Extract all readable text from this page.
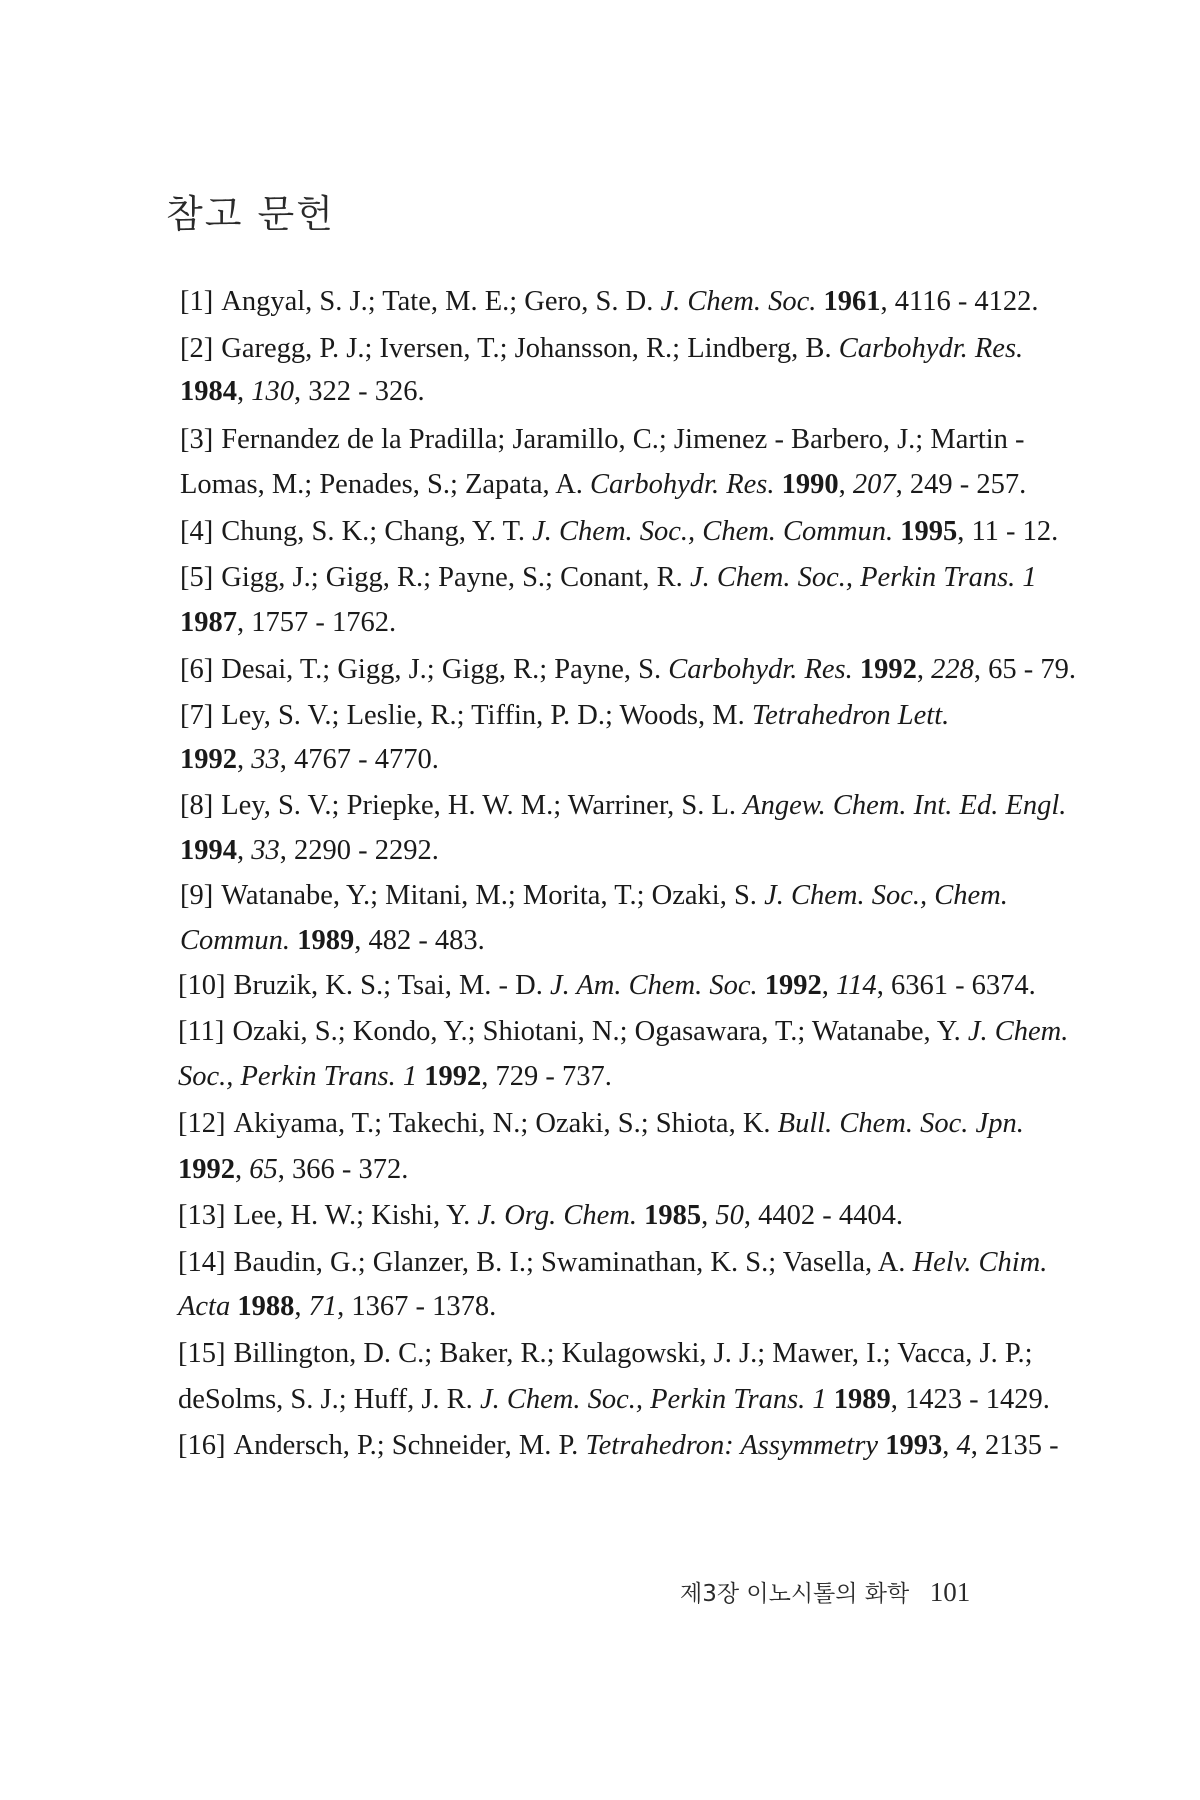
참고 문헌
[1] Angyal, S. J.; Tate, M. E.; Gero, S. D. J. Chem. Soc. 1961, 4116 - 4122.
[2] Garegg, P. J.; Iversen, T.; Johansson, R.; Lindberg, B. Carbohydr. Res.
1984, 130, 322 - 326.
[3] Fernandez de la Pradilla; Jaramillo, C.; Jimenez - Barbero, J.; Martin -
Lomas, M.; Penades, S.; Zapata, A. Carbohydr. Res. 1990, 207, 249 - 257.
[4] Chung, S. K.; Chang, Y. T. J. Chem. Soc., Chem. Commun. 1995, 11 - 12.
[5] Gigg, J.; Gigg, R.; Payne, S.; Conant, R. J. Chem. Soc., Perkin Trans. 1
1987, 1757 - 1762.
[6] Desai, T.; Gigg, J.; Gigg, R.; Payne, S. Carbohydr. Res. 1992, 228, 65 - 79.
[7] Ley, S. V.; Leslie, R.; Tiffin, P. D.; Woods, M. Tetrahedron Lett.
1992, 33, 4767 - 4770.
[8] Ley, S. V.; Priepke, H. W. M.; Warriner, S. L. Angew. Chem. Int. Ed. Engl.
1994, 33, 2290 - 2292.
[9] Watanabe, Y.; Mitani, M.; Morita, T.; Ozaki, S. J. Chem. Soc., Chem.
Commun. 1989, 482 - 483.
[10] Bruzik, K. S.; Tsai, M. - D. J. Am. Chem. Soc. 1992, 114, 6361 - 6374.
[11] Ozaki, S.; Kondo, Y.; Shiotani, N.; Ogasawara, T.; Watanabe, Y. J. Chem.
Soc., Perkin Trans. 1 1992, 729 - 737.
[12] Akiyama, T.; Takechi, N.; Ozaki, S.; Shiota, K. Bull. Chem. Soc. Jpn.
1992, 65, 366 - 372.
[13] Lee, H. W.; Kishi, Y. J. Org. Chem. 1985, 50, 4402 - 4404.
[14] Baudin, G.; Glanzer, B. I.; Swaminathan, K. S.; Vasella, A. Helv. Chim.
Acta 1988, 71, 1367 - 1378.
[15] Billington, D. C.; Baker, R.; Kulagowski, J. J.; Mawer, I.; Vacca, J. P.;
deSolms, S. J.; Huff, J. R. J. Chem. Soc., Perkin Trans. 1 1989, 1423 - 1429.
[16] Andersch, P.; Schneider, M. P. Tetrahedron: Assymmetry 1993, 4, 2135 -
제3장 이노시톨의 화학 101
